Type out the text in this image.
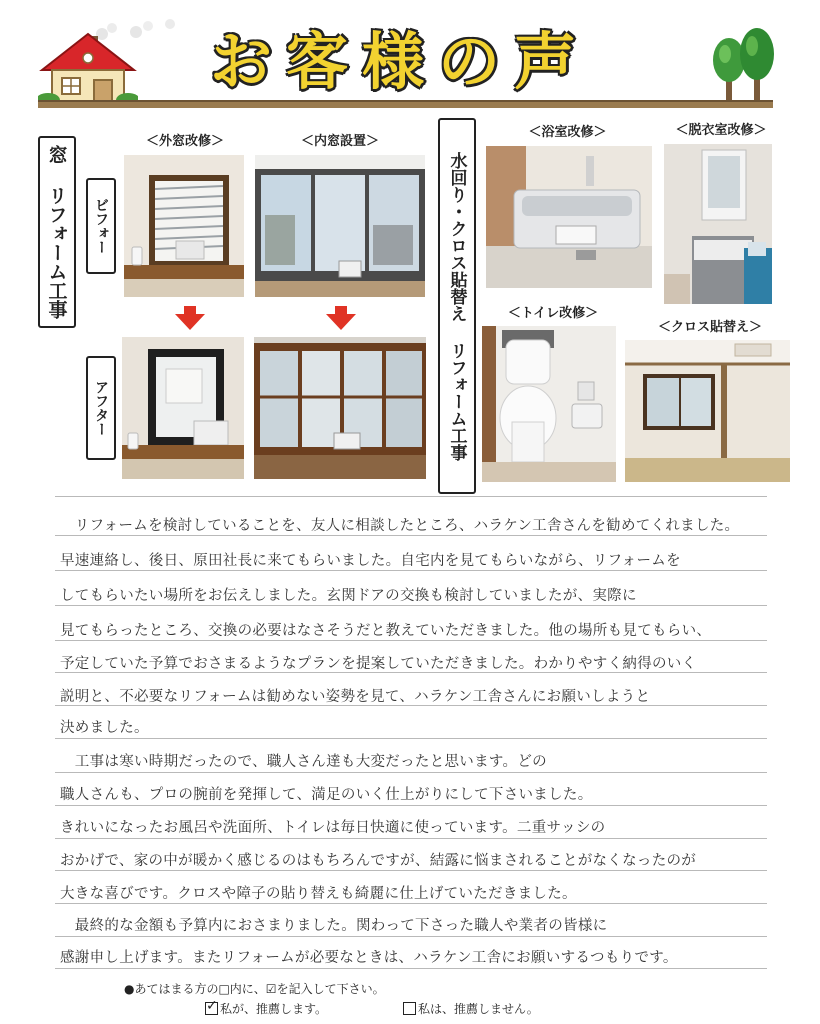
お客様の声
窓 リフォーム工事	ビフォー
アフター
＜外窓改修＞	＜内窓設置＞
水回り・クロス貼替え リフォーム工事
＜浴室改修＞	＜脱衣室改修＞
＜トイレ改修＞
＜クロス貼替え＞
　リフォームを検討していることを、友人に相談したところ、ハラケン工舎さんを勧めてくれました。
早速連絡し、後日、原田社長に来てもらいました。自宅内を見てもらいながら、リフォームを
してもらいたい場所をお伝えしました。玄関ドアの交換も検討していましたが、実際に
見てもらったところ、交換の必要はなさそうだと教えていただきました。他の場所も見てもらい、
予定していた予算でおさまるようなプランを提案していただきました。わかりやすく納得のいく
説明と、不必要なリフォームは勧めない姿勢を見て、ハラケン工舎さんにお願いしようと
決めました。
　工事は寒い時期だったので、職人さん達も大変だったと思います。どの
職人さんも、プロの腕前を発揮して、満足のいく仕上がりにして下さいました。
きれいになったお風呂や洗面所、トイレは毎日快適に使っています。二重サッシの
おかげで、家の中が暖かく感じるのはもちろんですが、結露に悩まされることがなくなったのが
大きな喜びです。クロスや障子の貼り替えも綺麗に仕上げていただきました。
　最終的な金額も予算内におさまりました。関わって下さった職人や業者の皆様に
感謝申し上げます。またリフォームが必要なときは、ハラケン工舎にお願いするつもりです。
●あてはまる方の□内に、☑を記入して下さい。
✓私が、推薦します。	私は、推薦しません。
